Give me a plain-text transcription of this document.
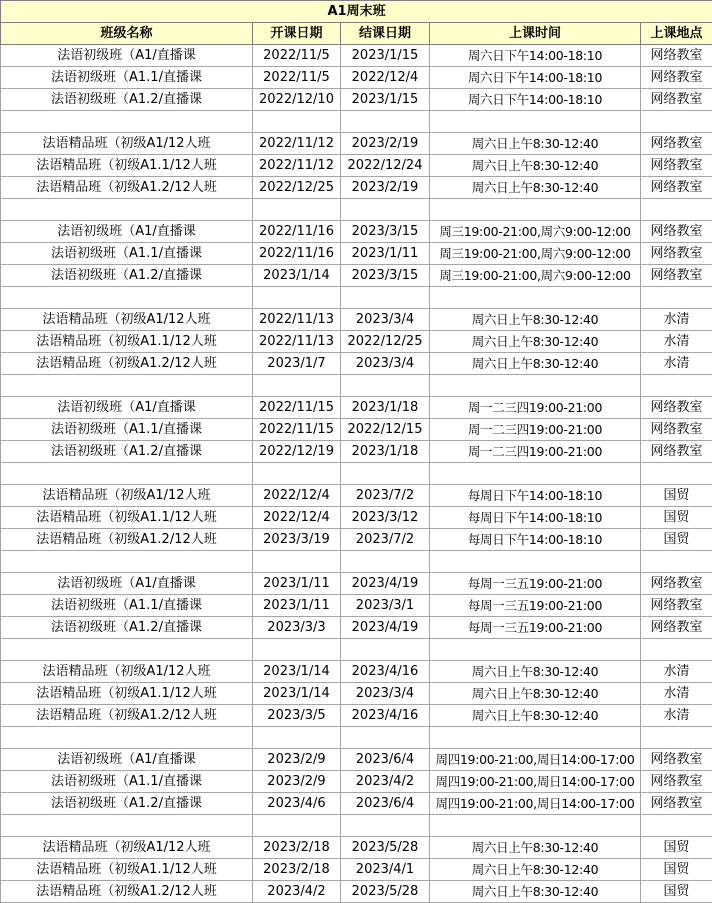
A1周末班				
班级名称	开课日期	结课日期	上课时间	上课地点
法语初级班（A1/直播课	2022/11/5	2023/1/15	周六日下午14:00-18:10	网络教室
法语初级班（A1.1/直播课	2022/11/5	2022/12/4	周六日下午14:00-18:10	网络教室
法语初级班（A1.2/直播课	2022/12/10	2023/1/15	周六日下午14:00-18:10	网络教室

法语精品班（初级A1/12人班	2022/11/12	2023/2/19	周六日上午8:30-12:40	网络教室
法语精品班（初级A1.1/12人班	2022/11/12	2022/12/24	周六日上午8:30-12:40	网络教室
法语精品班（初级A1.2/12人班	2022/12/25	2023/2/19	周六日上午8:30-12:40	网络教室

法语初级班（A1/直播课	2022/11/16	2023/3/15	周三19:00-21:00,周六9:00-12:00	网络教室
法语初级班（A1.1/直播课	2022/11/16	2023/1/11	周三19:00-21:00,周六9:00-12:00	网络教室
法语初级班（A1.2/直播课	2023/1/14	2023/3/15	周三19:00-21:00,周六9:00-12:00	网络教室

法语精品班（初级A1/12人班	2022/11/13	2023/3/4	周六日上午8:30-12:40	水清
法语精品班（初级A1.1/12人班	2022/11/13	2022/12/25	周六日上午8:30-12:40	水清
法语精品班（初级A1.2/12人班	2023/1/7	2023/3/4	周六日上午8:30-12:40	水清

法语初级班（A1/直播课	2022/11/15	2023/1/18	周一二三四19:00-21:00	网络教室
法语初级班（A1.1/直播课	2022/11/15	2022/12/15	周一二三四19:00-21:00	网络教室
法语初级班（A1.2/直播课	2022/12/19	2023/1/18	周一二三四19:00-21:00	网络教室

法语精品班（初级A1/12人班	2022/12/4	2023/7/2	每周日下午14:00-18:10	国贸
法语精品班（初级A1.1/12人班	2022/12/4	2023/3/12	每周日下午14:00-18:10	国贸
法语精品班（初级A1.2/12人班	2023/3/19	2023/7/2	每周日下午14:00-18:10	国贸

法语初级班（A1/直播课	2023/1/11	2023/4/19	每周一三五19:00-21:00	网络教室
法语初级班（A1.1/直播课	2023/1/11	2023/3/1	每周一三五19:00-21:00	网络教室
法语初级班（A1.2/直播课	2023/3/3	2023/4/19	每周一三五19:00-21:00	网络教室

法语精品班（初级A1/12人班	2023/1/14	2023/4/16	周六日上午8:30-12:40	水清
法语精品班（初级A1.1/12人班	2023/1/14	2023/3/4	周六日上午8:30-12:40	水清
法语精品班（初级A1.2/12人班	2023/3/5	2023/4/16	周六日上午8:30-12:40	水清

法语初级班（A1/直播课	2023/2/9	2023/6/4	周四19:00-21:00,周日14:00-17:00	网络教室
法语初级班（A1.1/直播课	2023/2/9	2023/4/2	周四19:00-21:00,周日14:00-17:00	网络教室
法语初级班（A1.2/直播课	2023/4/6	2023/6/4	周四19:00-21:00,周日14:00-17:00	网络教室

法语精品班（初级A1/12人班	2023/2/18	2023/5/28	周六日上午8:30-12:40	国贸
法语精品班（初级A1.1/12人班	2023/2/18	2023/4/1	周六日上午8:30-12:40	国贸
法语精品班（初级A1.2/12人班	2023/4/2	2023/5/28	周六日上午8:30-12:40	国贸
